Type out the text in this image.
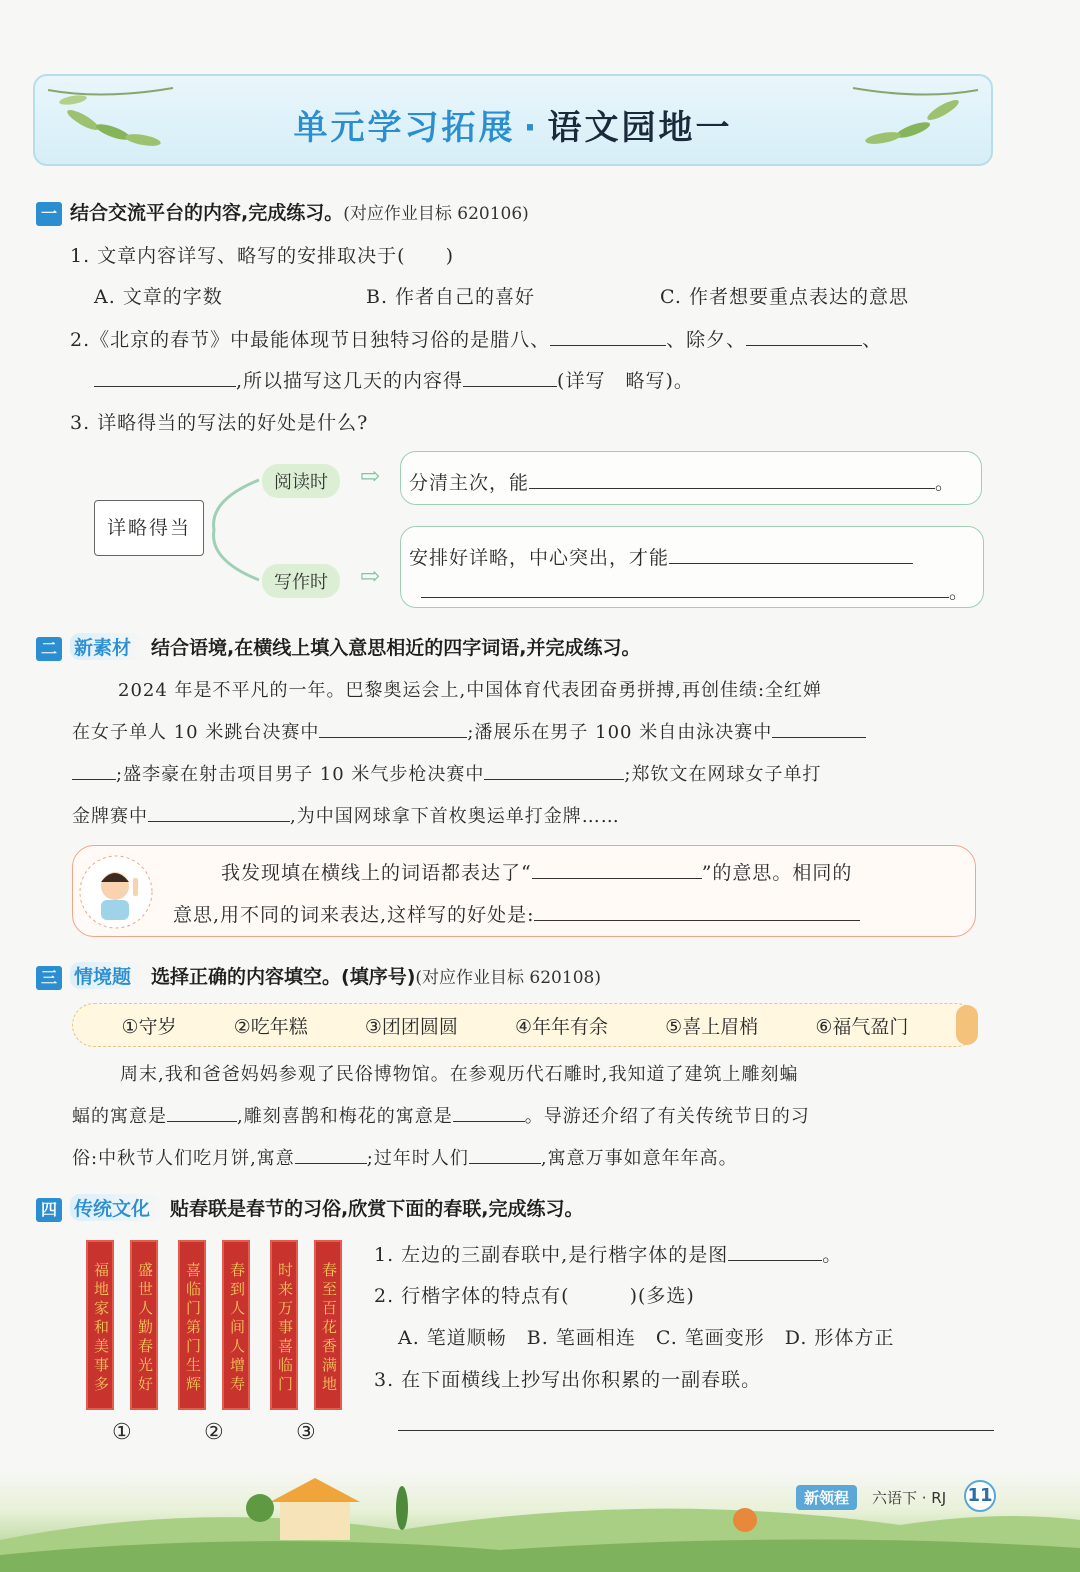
单元学习拓展 · 语文园地一
一 结合交流平台的内容,完成练习。(对应作业目标 620106)
1. 文章内容详写、略写的安排取决于(　　)
A. 文章的字数	B. 作者自己的喜好	C. 作者想要重点表达的意思
2.《北京的春节》中最能体现节日独特习俗的是腊八、	、除夕、	、
,所以描写这几天的内容得	(详写　略写)。
3. 详略得当的写法的好处是什么?
详略得当
阅读时	⇨ 分清主次，能	。
写作时	⇨
安排好详略，中心突出，才能
。
二 新素材 结合语境,在横线上填入意思相近的四字词语,并完成练习。
2024 年是不平凡的一年。巴黎奥运会上,中国体育代表团奋勇拼搏,再创佳绩:全红婵
在女子单人 10 米跳台决赛中	;潘展乐在男子 100 米自由泳决赛中
;盛李豪在射击项目男子 10 米气步枪决赛中	;郑钦文在网球女子单打
金牌赛中	,为中国网球拿下首枚奥运单打金牌……
我发现填在横线上的词语都表达了“	”的意思。相同的
意思,用不同的词来表达,这样写的好处是:
三 情境题 选择正确的内容填空。(填序号)(对应作业目标 620108)
①守岁	②吃年糕	③团团圆圆	④年年有余	⑤喜上眉梢	⑥福气盈门
周末,我和爸爸妈妈参观了民俗博物馆。在参观历代石雕时,我知道了建筑上雕刻蝙
蝠的寓意是	,雕刻喜鹊和梅花的寓意是	。导游还介绍了有关传统节日的习
俗:中秋节人们吃月饼,寓意	;过年时人们	,寓意万事如意年年高。
四 传统文化 贴春联是春节的习俗,欣赏下面的春联,完成练习。
福地家和美事多	盛世人勤春光好	喜临门第门生辉	春到人间人增寿	时来万事喜临门	春至百花香满地
①	②	③
1. 左边的三副春联中,是行楷字体的是图	。
2. 行楷字体的特点有(　　　)(多选)
A. 笔道顺畅　B. 笔画相连　C. 笔画变形　D. 形体方正
3. 在下面横线上抄写出你积累的一副春联。
新领程	六语下 · RJ 11
